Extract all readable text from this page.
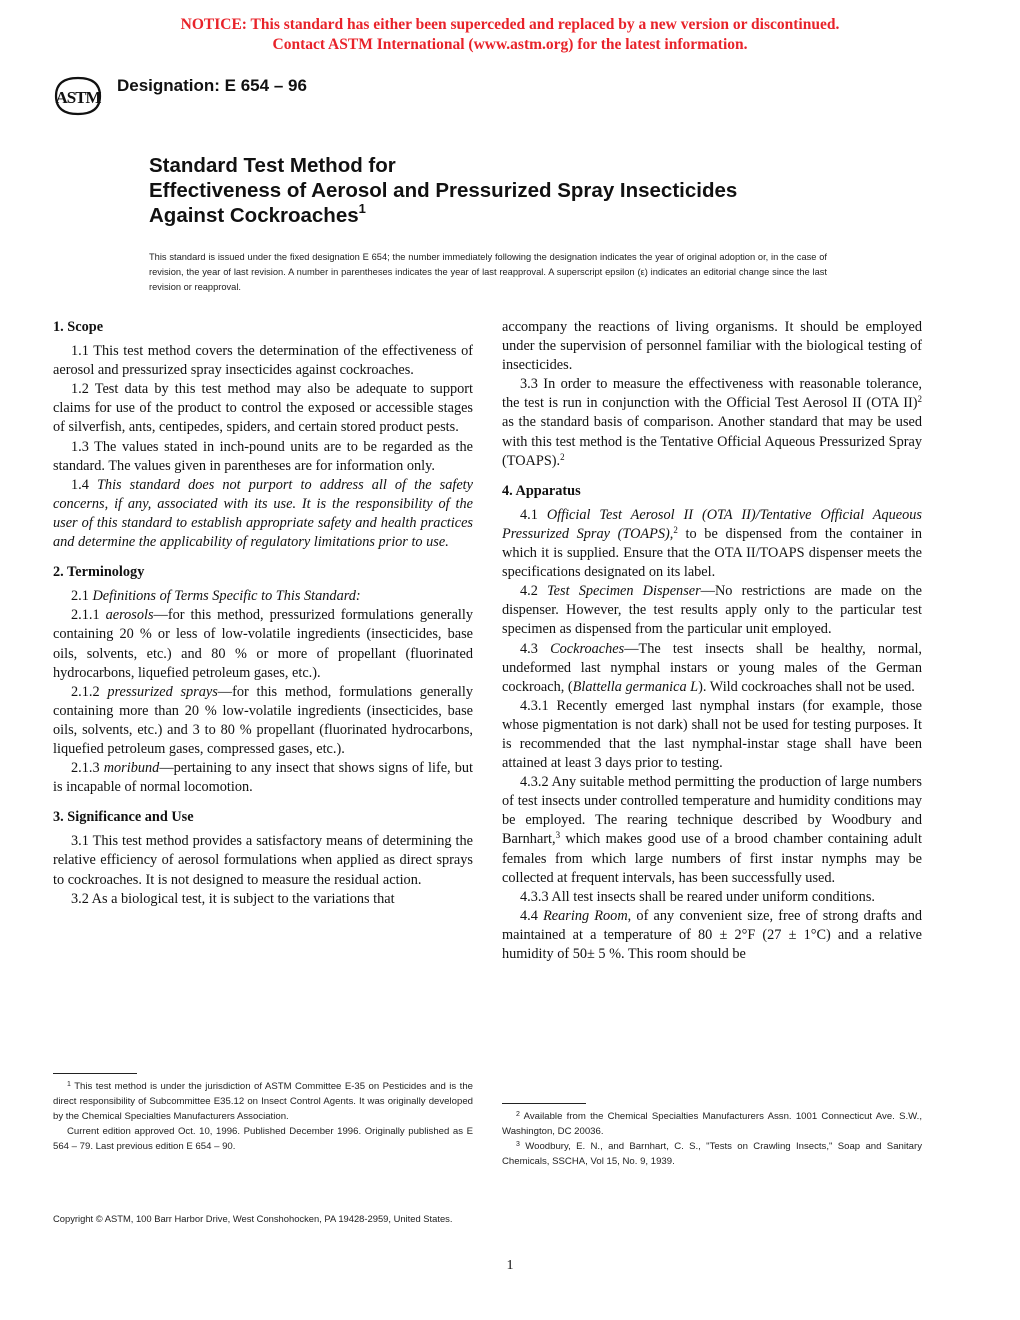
NOTICE: This standard has either been superceded and replaced by a new version or discontinued.
Contact ASTM International (www.astm.org) for the latest information.
ASTM
Designation: E 654 – 96
Standard Test Method for
Effectiveness of Aerosol and Pressurized Spray Insecticides
Against Cockroaches$^1$
This standard is issued under the fixed designation E 654; the number immediately following the designation indicates the year of original adoption or, in the case of revision, the year of last revision. A number in parentheses indicates the year of last reapproval. A superscript epsilon (ε) indicates an editorial change since the last revision or reapproval.
1. Scope

1.1 This test method covers the determination of the effectiveness of aerosol and pressurized spray insecticides against cockroaches.

1.2 Test data by this test method may also be adequate to support claims for use of the product to control the exposed or accessible stages of silverfish, ants, centipedes, spiders, and certain stored product pests.

1.3 The values stated in inch-pound units are to be regarded as the standard. The values given in parentheses are for information only.

1.4 This standard does not purport to address all of the safety concerns, if any, associated with its use. It is the responsibility of the user of this standard to establish appropriate safety and health practices and determine the applicability of regulatory limitations prior to use.

2. Terminology

2.1 Definitions of Terms Specific to This Standard:

2.1.1 aerosols—for this method, pressurized formulations generally containing 20 % or less of low-volatile ingredients (insecticides, base oils, solvents, etc.) and 80 % or more of propellant (fluorinated hydrocarbons, liquefied petroleum gases, etc.).

2.1.2 pressurized sprays—for this method, formulations generally containing more than 20 % low-volatile ingredients (insecticides, base oils, solvents, etc.) and 3 to 80 % propellant (fluorinated hydrocarbons, liquefied petroleum gases, compressed gases, etc.).

2.1.3 moribund—pertaining to any insect that shows signs of life, but is incapable of normal locomotion.

3. Significance and Use

3.1 This test method provides a satisfactory means of determining the relative efficiency of aerosol formulations when applied as direct sprays to cockroaches. It is not designed to measure the residual action.

3.2 As a biological test, it is subject to the variations that

$^1$ This test method is under the jurisdiction of ASTM Committee E-35 on Pesticides and is the direct responsibility of Subcommittee E35.12 on Insect Control Agents. It was originally developed by the Chemical Specialties Manufacturers Association.

Current edition approved Oct. 10, 1996. Published December 1996. Originally published as E 564 – 79. Last previous edition E 654 – 90.

accompany the reactions of living organisms. It should be employed under the supervision of personnel familiar with the biological testing of insecticides.

3.3 In order to measure the effectiveness with reasonable tolerance, the test is run in conjunction with the Official Test Aerosol II (OTA II)$^2$ as the standard basis of comparison. Another standard that may be used with this test method is the Tentative Official Aqueous Pressurized Spray (TOAPS).$^2$

4. Apparatus

4.1 Official Test Aerosol II (OTA II)/Tentative Official Aqueous Pressurized Spray (TOAPS),$^2$ to be dispensed from the container in which it is supplied. Ensure that the OTA II/TOAPS dispenser meets the specifications designated on its label.

4.2 Test Specimen Dispenser—No restrictions are made on the dispenser. However, the test results apply only to the particular test specimen as dispensed from the particular unit employed.

4.3 Cockroaches—The test insects shall be healthy, normal, undeformed last nymphal instars or young males of the German cockroach, (Blattella germanica L). Wild cockroaches shall not be used.

4.3.1 Recently emerged last nymphal instars (for example, those whose pigmentation is not dark) shall not be used for testing purposes. It is recommended that the last nymphal-instar stage shall have been attained at least 3 days prior to testing.

4.3.2 Any suitable method permitting the production of large numbers of test insects under controlled temperature and humidity conditions may be employed. The rearing technique described by Woodbury and Barnhart,$^3$ which makes good use of a brood chamber containing adult females from which large numbers of first instar nymphs may be collected at frequent intervals, has been successfully used.

4.3.3 All test insects shall be reared under uniform conditions.

4.4 Rearing Room, of any convenient size, free of strong drafts and maintained at a temperature of 80 ± 2°F (27 ± 1°C) and a relative humidity of 50± 5 %. This room should be

$^2$ Available from the Chemical Specialties Manufacturers Assn. 1001 Connecticut Ave. S.W., Washington, DC 20036.

$^3$ Woodbury, E. N., and Barnhart, C. S., "Tests on Crawling Insects," Soap and Sanitary Chemicals, SSCHA, Vol 15, No. 9, 1939.

Copyright © ASTM, 100 Barr Harbor Drive, West Conshohocken, PA 19428-2959, United States.
1
